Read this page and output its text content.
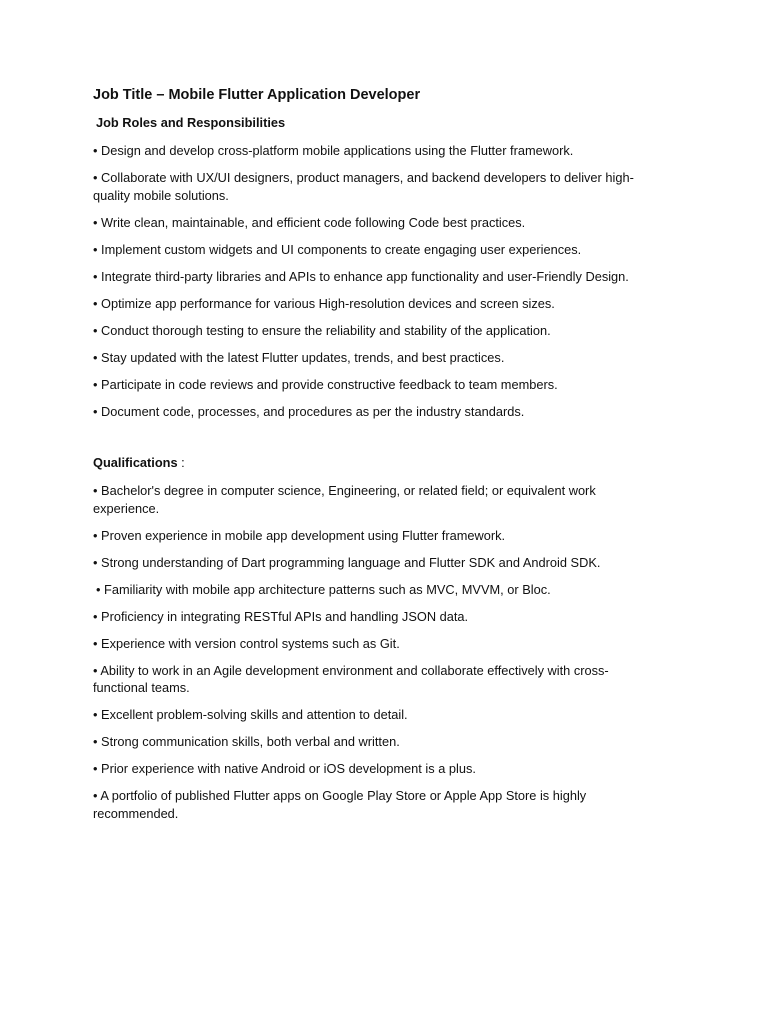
Job Title – Mobile Flutter Application Developer
Job Roles and Responsibilities
• Design and develop cross-platform mobile applications using the Flutter framework.
• Collaborate with UX/UI designers, product managers, and backend developers to deliver high-quality mobile solutions.
• Write clean, maintainable, and efficient code following Code best practices.
• Implement custom widgets and UI components to create engaging user experiences.
• Integrate third-party libraries and APIs to enhance app functionality and user-Friendly Design.
• Optimize app performance for various High-resolution devices and screen sizes.
• Conduct thorough testing to ensure the reliability and stability of the application.
• Stay updated with the latest Flutter updates, trends, and best practices.
• Participate in code reviews and provide constructive feedback to team members.
• Document code, processes, and procedures as per the industry standards.
Qualifications :
• Bachelor's degree in computer science, Engineering, or related field; or equivalent work experience.
• Proven experience in mobile app development using Flutter framework.
• Strong understanding of Dart programming language and Flutter SDK and Android SDK.
• Familiarity with mobile app architecture patterns such as MVC, MVVM, or Bloc.
• Proficiency in integrating RESTful APIs and handling JSON data.
• Experience with version control systems such as Git.
• Ability to work in an Agile development environment and collaborate effectively with cross-functional teams.
• Excellent problem-solving skills and attention to detail.
• Strong communication skills, both verbal and written.
• Prior experience with native Android or iOS development is a plus.
• A portfolio of published Flutter apps on Google Play Store or Apple App Store is highly recommended.
